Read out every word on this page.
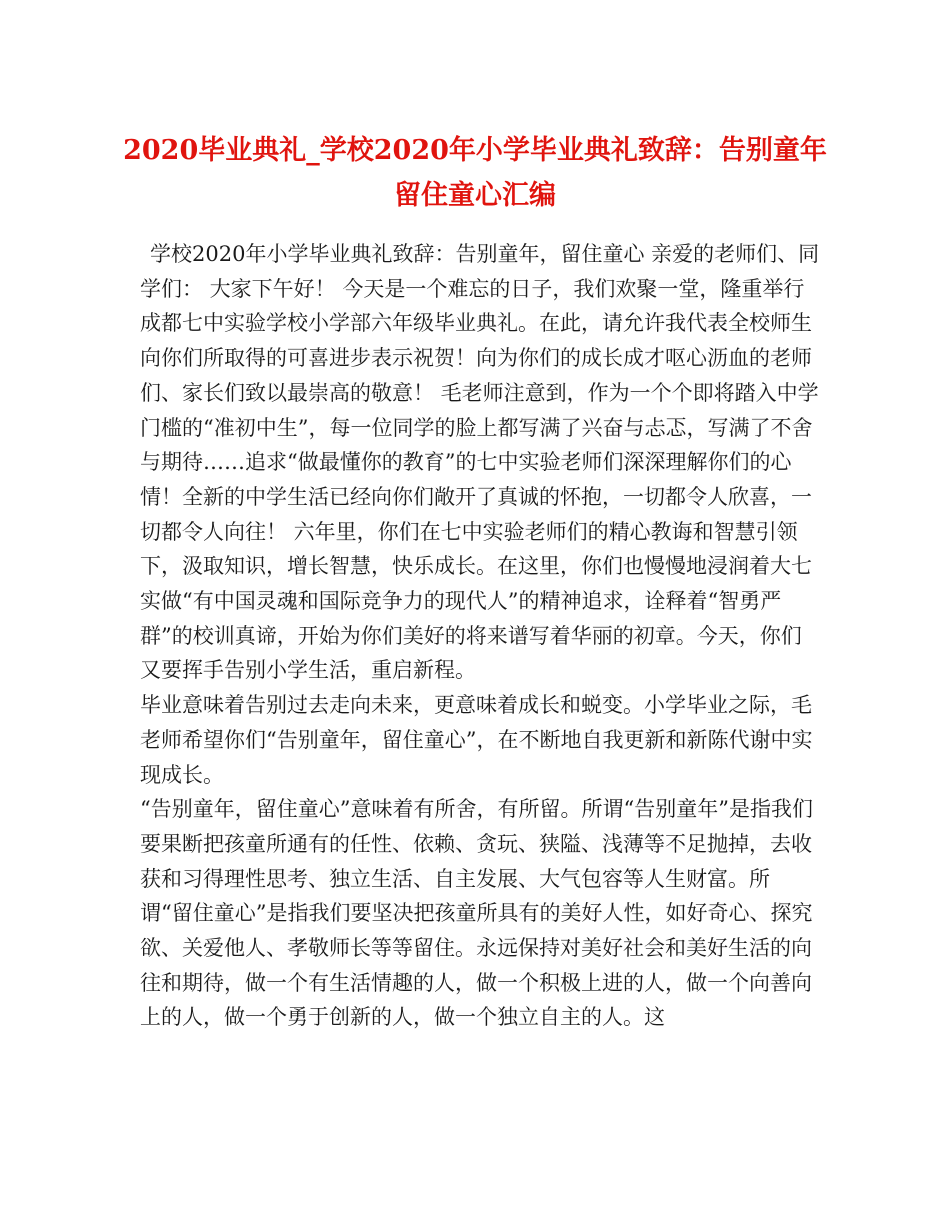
2020毕业典礼_学校2020年小学毕业典礼致辞：告别童年留住童心汇编

学校2020年小学毕业典礼致辞：告别童年，留住童心 亲爱的老师们、同学们： 大家下午好！ 今天是一个难忘的日子，我们欢聚一堂，隆重举行成都七中实验学校小学部六年级毕业典礼。在此，请允许我代表全校师生向你们所取得的可喜进步表示祝贺！向为你们的成长成才呕心沥血的老师们、家长们致以最崇高的敬意！ 毛老师注意到，作为一个个即将踏入中学门槛的“准初中生”，每一位同学的脸上都写满了兴奋与忐忑，写满了不舍与期待……追求“做最懂你的教育”的七中实验老师们深深理解你们的心情！全新的中学生活已经向你们敞开了真诚的怀抱，一切都令人欣喜，一切都令人向往！ 六年里，你们在七中实验老师们的精心教诲和智慧引领下，汲取知识，增长智慧，快乐成长。在这里，你们也慢慢地浸润着大七实做“有中国灵魂和国际竞争力的现代人”的精神追求，诠释着“智勇严群”的校训真谛，开始为你们美好的将来谱写着华丽的初章。今天，你们又要挥手告别小学生活，重启新程。

毕业意味着告别过去走向未来，更意味着成长和蜕变。小学毕业之际，毛老师希望你们“告别童年，留住童心”，在不断地自我更新和新陈代谢中实现成长。

“告别童年，留住童心”意味着有所舍，有所留。所谓“告别童年”是指我们要果断把孩童所通有的任性、依赖、贪玩、狭隘、浅薄等不足抛掉，去收获和习得理性思考、独立生活、自主发展、大气包容等人生财富。所谓“留住童心”是指我们要坚决把孩童所具有的美好人性，如好奇心、探究欲、关爱他人、孝敬师长等等留住。永远保持对美好社会和美好生活的向往和期待，做一个有生活情趣的人，做一个积极上进的人，做一个向善向上的人，做一个勇于创新的人，做一个独立自主的人。这
